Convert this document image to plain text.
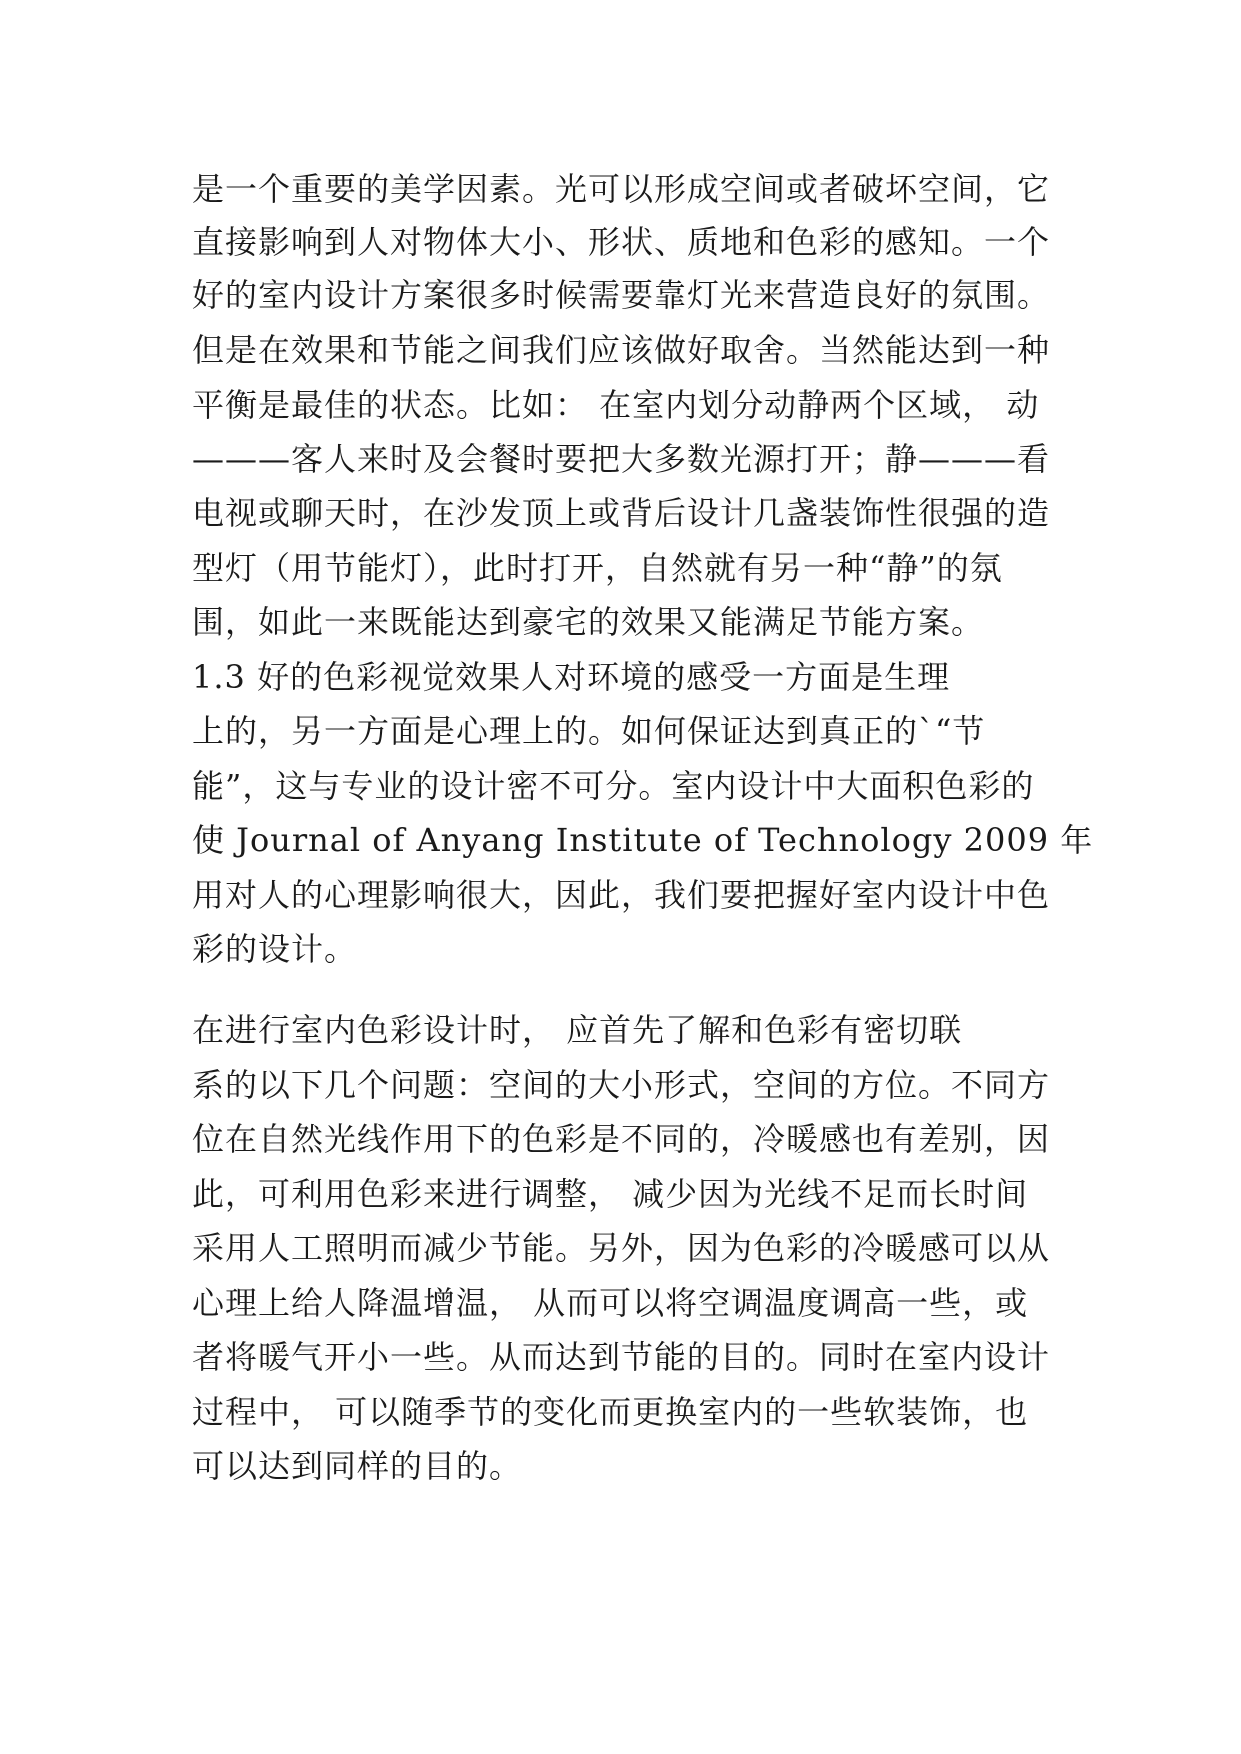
是一个重要的美学因素。光可以形成空间或者破坏空间，它
直接影响到人对物体大小、形状、质地和色彩的感知。一个
好的室内设计方案很多时候需要靠灯光来营造良好的氛围。
但是在效果和节能之间我们应该做好取舍。当然能达到一种
平衡是最佳的状态。比如： 在室内划分动静两个区域， 动
———客人来时及会餐时要把大多数光源打开；静———看
电视或聊天时，在沙发顶上或背后设计几盏装饰性很强的造
型灯（用节能灯），此时打开，自然就有另一种“静”的氛
围，如此一来既能达到豪宅的效果又能满足节能方案。
1.3 好的色彩视觉效果人对环境的感受一方面是生理
上的，另一方面是心理上的。如何保证达到真正的`“节
能”，这与专业的设计密不可分。室内设计中大面积色彩的
使 Journal of Anyang Institute of Technology 2009 年
用对人的心理影响很大，因此，我们要把握好室内设计中色
彩的设计。
在进行室内色彩设计时， 应首先了解和色彩有密切联
系的以下几个问题：空间的大小形式，空间的方位。不同方
位在自然光线作用下的色彩是不同的，冷暖感也有差别，因
此，可利用色彩来进行调整， 减少因为光线不足而长时间
采用人工照明而减少节能。另外，因为色彩的冷暖感可以从
心理上给人降温增温， 从而可以将空调温度调高一些，或
者将暖气开小一些。从而达到节能的目的。同时在室内设计
过程中， 可以随季节的变化而更换室内的一些软装饰，也
可以达到同样的目的。
